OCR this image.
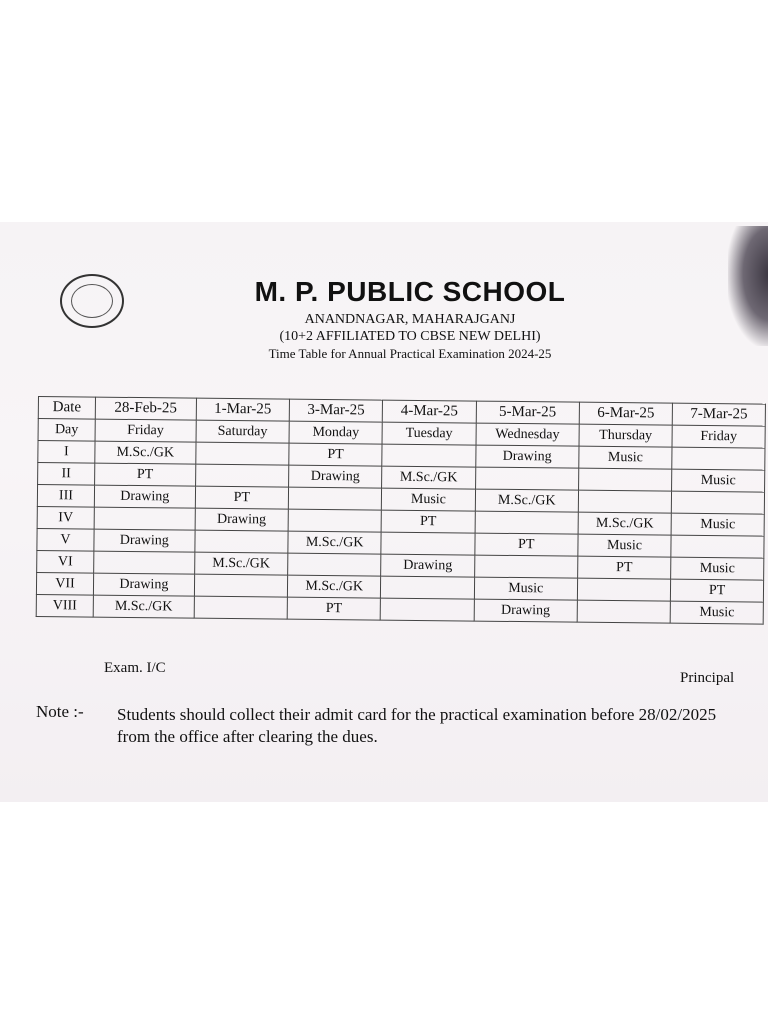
M. P. PUBLIC SCHOOL
ANANDNAGAR, MAHARAJGANJ
(10+2 AFFILIATED TO CBSE NEW DELHI)
Time Table for Annual Practical Examination 2024-25
Date	28-Feb-25	1-Mar-25	3-Mar-25	4-Mar-25	5-Mar-25	6-Mar-25	7-Mar-25
Day	Friday	Saturday	Monday	Tuesday	Wednesday	Thursday	Friday
I	M.Sc./GK		PT		Drawing	Music	
II	PT		Drawing	M.Sc./GK			Music
III	Drawing	PT		Music	M.Sc./GK		
IV		Drawing		PT		M.Sc./GK	Music
V	Drawing		M.Sc./GK		PT	Music	
VI		M.Sc./GK		Drawing		PT	Music
VII	Drawing		M.Sc./GK		Music		PT
VIII	M.Sc./GK		PT		Drawing		Music
Exam. I/C
Principal
Note :- Students should collect their admit card for the practical examination before 28/02/2025 from the office after clearing the dues.
